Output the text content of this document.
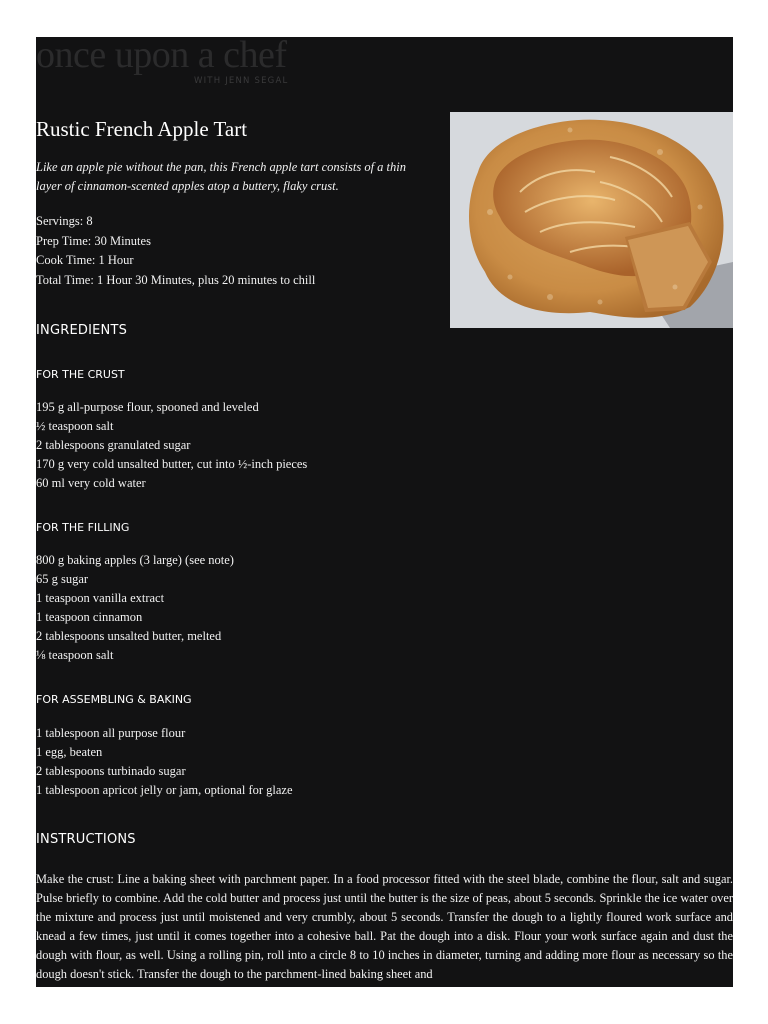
once upon a chef
WITH JENN SEGAL
Rustic French Apple Tart
Like an apple pie without the pan, this French apple tart consists of a thin layer of cinnamon-scented apples atop a buttery, flaky crust.
Servings: 8
Prep Time: 30 Minutes
Cook Time: 1 Hour
Total Time: 1 Hour 30 Minutes, plus 20 minutes to chill
INGREDIENTS
FOR THE CRUST
195 g all-purpose flour, spooned and leveled
½ teaspoon salt
2 tablespoons granulated sugar
170 g very cold unsalted butter, cut into ½-inch pieces
60 ml very cold water
FOR THE FILLING
800 g baking apples (3 large) (see note)
65 g sugar
1 teaspoon vanilla extract
1 teaspoon cinnamon
2 tablespoons unsalted butter, melted
⅛ teaspoon salt
FOR ASSEMBLING & BAKING
1 tablespoon all purpose flour
1 egg, beaten
2 tablespoons turbinado sugar
1 tablespoon apricot jelly or jam, optional for glaze
INSTRUCTIONS
Make the crust: Line a baking sheet with parchment paper. In a food processor fitted with the steel blade, combine the flour, salt and sugar. Pulse briefly to combine. Add the cold butter and process just until the butter is the size of peas, about 5 seconds. Sprinkle the ice water over the mixture and process just until moistened and very crumbly, about 5 seconds. Transfer the dough to a lightly floured work surface and knead a few times, just until it comes together into a cohesive ball. Pat the dough into a disk. Flour your work surface again and dust the dough with flour, as well. Using a rolling pin, roll into a circle 8 to 10 inches in diameter, turning and adding more flour as necessary so the dough doesn't stick. Transfer the dough to the parchment-lined baking sheet and
